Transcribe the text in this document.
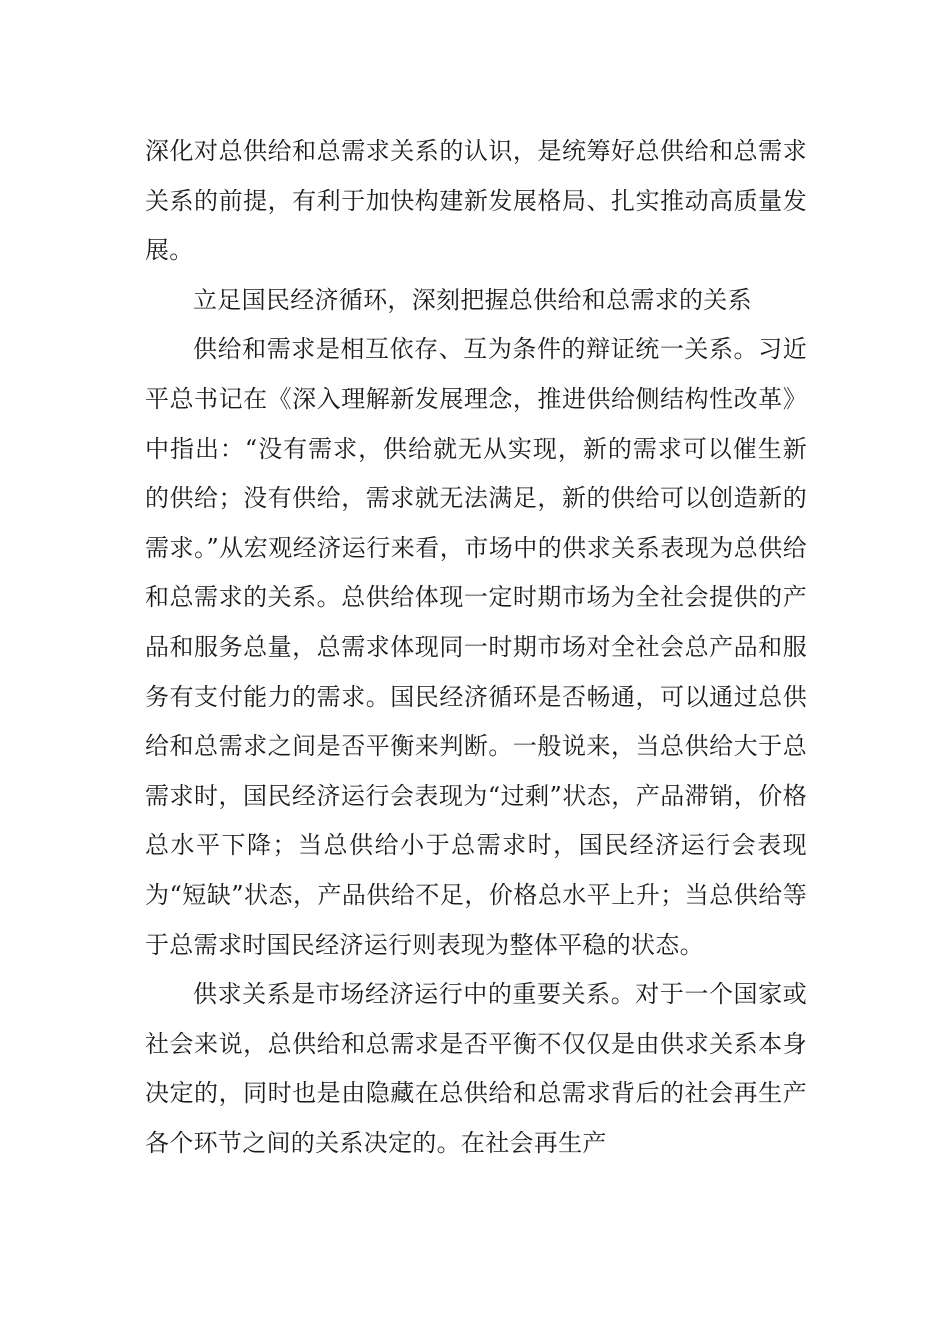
深化对总供给和总需求关系的认识，是统筹好总供给和总需求关系的前提，有利于加快构建新发展格局、扎实推动高质量发展。

立足国民经济循环，深刻把握总供给和总需求的关系

供给和需求是相互依存、互为条件的辩证统一关系。习近平总书记在《深入理解新发展理念，推进供给侧结构性改革》中指出：“没有需求，供给就无从实现，新的需求可以催生新的供给；没有供给，需求就无法满足，新的供给可以创造新的需求。”从宏观经济运行来看，市场中的供求关系表现为总供给和总需求的关系。总供给体现一定时期市场为全社会提供的产品和服务总量，总需求体现同一时期市场对全社会总产品和服务有支付能力的需求。国民经济循环是否畅通，可以通过总供给和总需求之间是否平衡来判断。一般说来，当总供给大于总需求时，国民经济运行会表现为“过剩”状态，产品滞销，价格总水平下降；当总供给小于总需求时，国民经济运行会表现为“短缺”状态，产品供给不足，价格总水平上升；当总供给等于总需求时国民经济运行则表现为整体平稳的状态。

供求关系是市场经济运行中的重要关系。对于一个国家或社会来说，总供给和总需求是否平衡不仅仅是由供求关系本身决定的，同时也是由隐藏在总供给和总需求背后的社会再生产各个环节之间的关系决定的。在社会再生产
